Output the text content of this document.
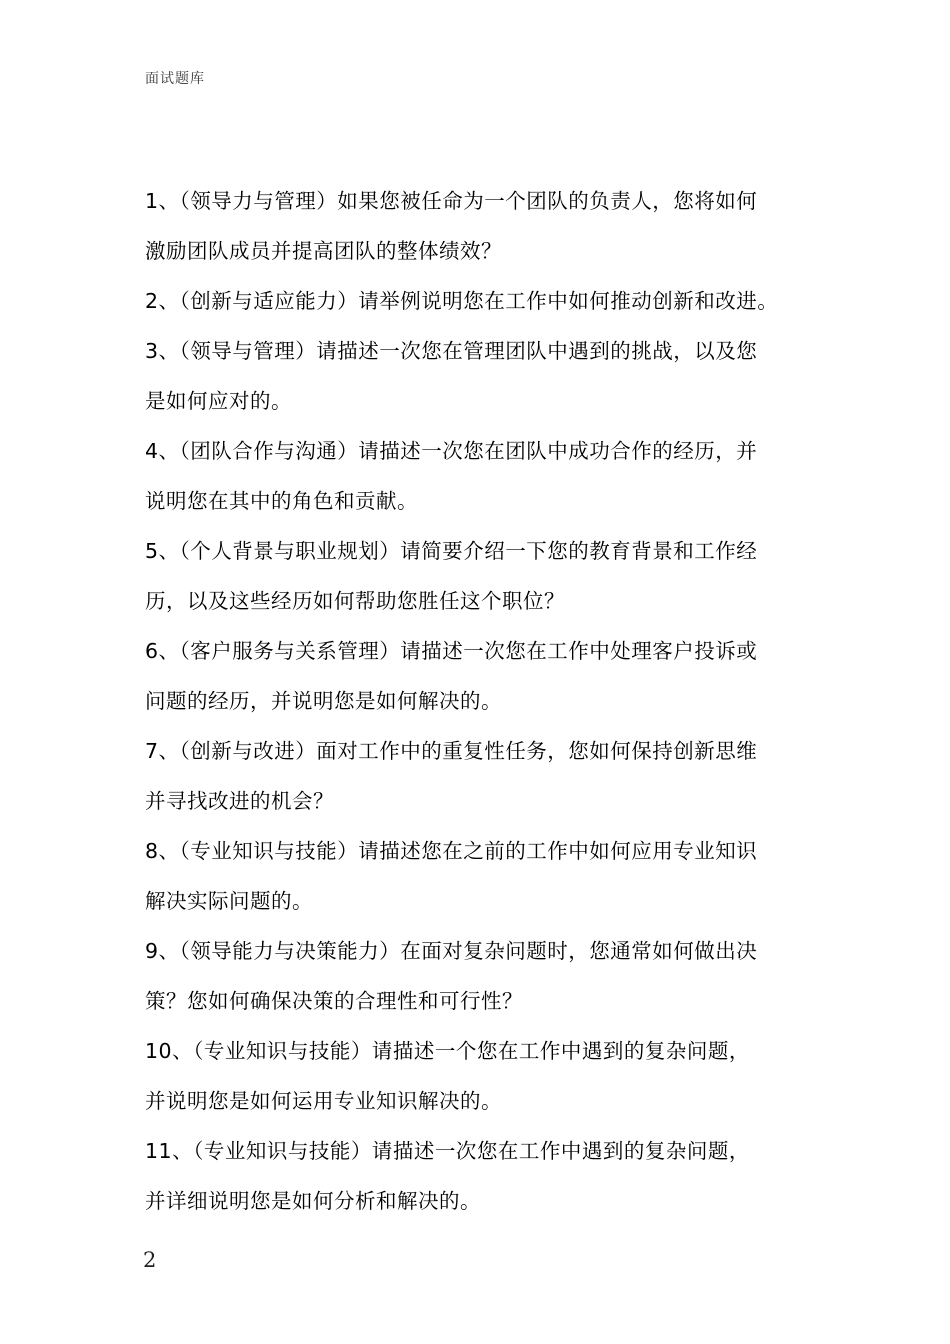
面试题库
1、（领导力与管理）如果您被任命为一个团队的负责人，您将如何
激励团队成员并提高团队的整体绩效？
2、（创新与适应能力）请举例说明您在工作中如何推动创新和改进。
3、（领导与管理）请描述一次您在管理团队中遇到的挑战，以及您
是如何应对的。
4、（团队合作与沟通）请描述一次您在团队中成功合作的经历，并
说明您在其中的角色和贡献。
5、（个人背景与职业规划）请简要介绍一下您的教育背景和工作经
历，以及这些经历如何帮助您胜任这个职位？
6、（客户服务与关系管理）请描述一次您在工作中处理客户投诉或
问题的经历，并说明您是如何解决的。
7、（创新与改进）面对工作中的重复性任务，您如何保持创新思维
并寻找改进的机会？
8、（专业知识与技能）请描述您在之前的工作中如何应用专业知识
解决实际问题的。
9、（领导能力与决策能力）在面对复杂问题时，您通常如何做出决
策？您如何确保决策的合理性和可行性？
10、（专业知识与技能）请描述一个您在工作中遇到的复杂问题，
并说明您是如何运用专业知识解决的。
11、（专业知识与技能）请描述一次您在工作中遇到的复杂问题，
并详细说明您是如何分析和解决的。
2
